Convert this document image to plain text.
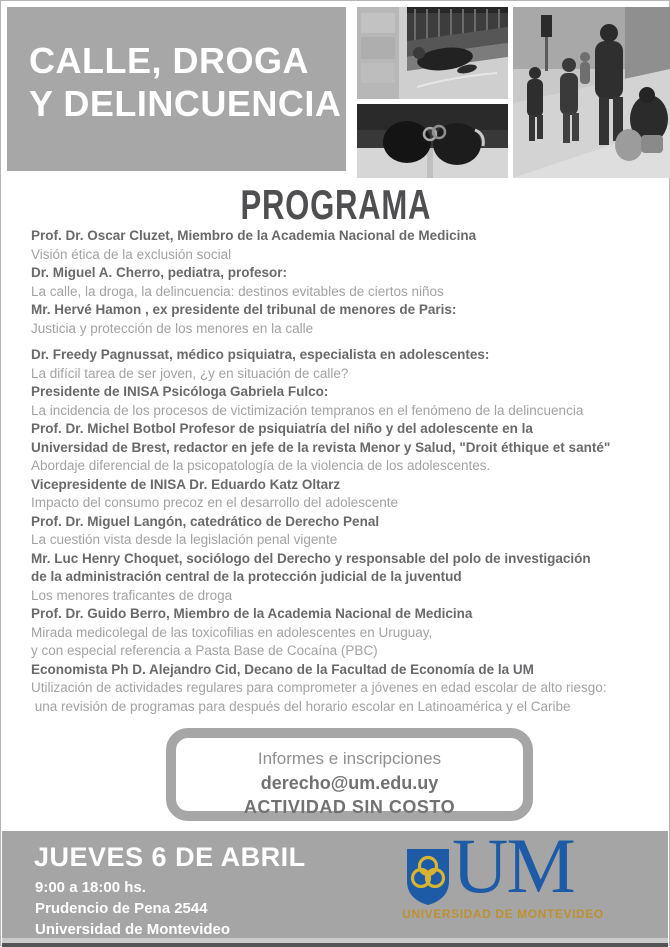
CALLE, DROGA
Y DELINCUENCIA
PROGRAMA

Prof. Dr. Oscar Cluzet, Miembro de la Academia Nacional de Medicina

Visión ética de la exclusión social

Dr. Miguel A. Cherro, pediatra, profesor:

La calle, la droga, la delincuencia: destinos evitables de ciertos niños

Mr. Hervé Hamon , ex presidente del tribunal de menores de Paris:

Justicia y protección de los menores en la calle

Dr. Freedy Pagnussat, médico psiquiatra, especialista en adolescentes:

La difícil tarea de ser joven, ¿y en situación de calle?

Presidente de INISA Psicóloga Gabriela Fulco:

La incidencia de los procesos de victimización tempranos en el fenómeno de la delincuencia

Prof. Dr. Michel Botbol Profesor de psiquiatría del niño y del adolescente en la

Universidad de Brest, redactor en jefe de la revista Menor y Salud, "Droit éthique et santé"

Abordaje diferencial de la psicopatología de la violencia de los adolescentes.

Vicepresidente de INISA Dr. Eduardo Katz Oltarz

Impacto del consumo precoz en el desarrollo del adolescente

Prof. Dr. Miguel Langón, catedrático de Derecho Penal

La cuestión vista desde la legislación penal vigente

Mr. Luc Henry Choquet, sociólogo del Derecho y responsable del polo de investigación

de la administración central de la protección judicial de la juventud

Los menores traficantes de droga

Prof. Dr. Guido Berro, Miembro de la Academia Nacional de Medicina

Mirada medicolegal de las toxicofilias en adolescentes en Uruguay,

y con especial referencia a Pasta Base de Cocaína (PBC)

Economista Ph D. Alejandro Cid, Decano de la Facultad de Economía de la UM

Utilización de actividades regulares para comprometer a jóvenes en edad escolar de alto riesgo:

una revisión de programas para después del horario escolar en Latinoamérica y el Caribe

Informes e inscripciones

derecho@um.edu.uy

ACTIVIDAD SIN COSTO

JUEVES 6 DE ABRIL

9:00 a 18:00 hs.

Prudencio de Pena 2544

Universidad de Montevideo

UM
UNIVERSIDAD DE MONTEVIDEO
